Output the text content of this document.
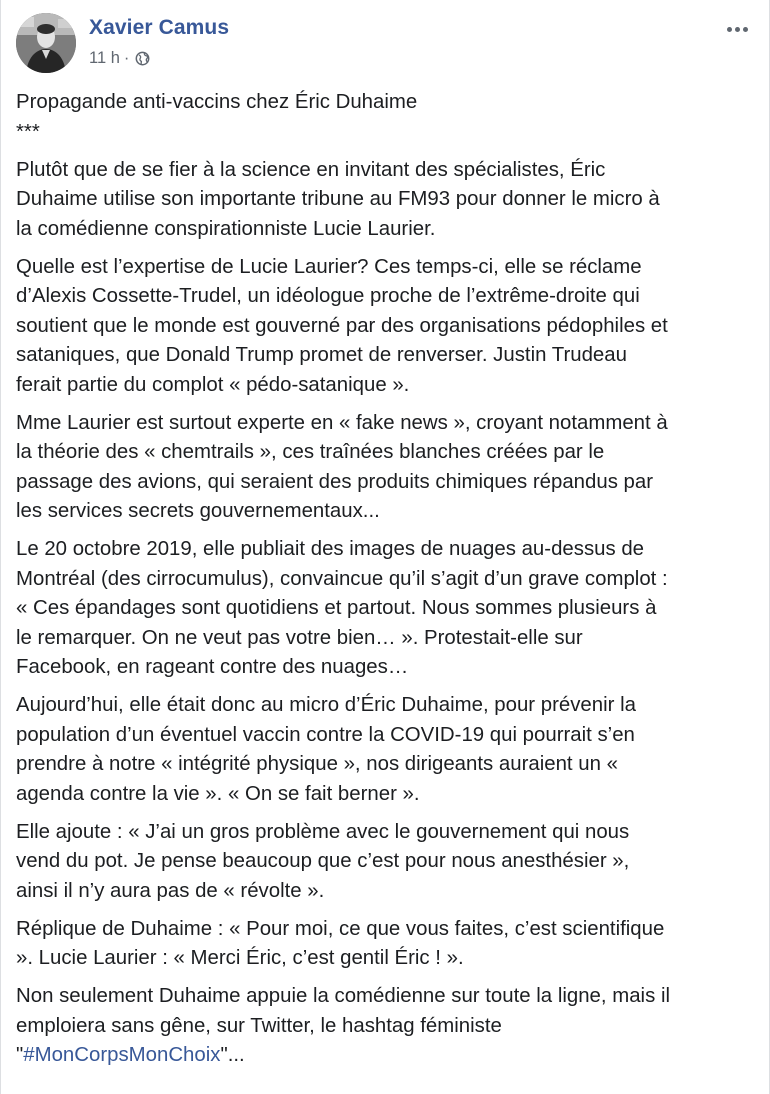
Xavier Camus
11 h ·

Propagande anti-vaccins chez Éric Duhaime

***

Plutôt que de se fier à la science en invitant des spécialistes, Éric
Duhaime utilise son importante tribune au FM93 pour donner le micro à
la comédienne conspirationniste Lucie Laurier.

Quelle est l’expertise de Lucie Laurier? Ces temps-ci, elle se réclame
d’Alexis Cossette-Trudel, un idéologue proche de l’extrême-droite qui
soutient que le monde est gouverné par des organisations pédophiles et
sataniques, que Donald Trump promet de renverser. Justin Trudeau
ferait partie du complot « pédo-satanique ».

Mme Laurier est surtout experte en « fake news », croyant notamment à
la théorie des « chemtrails », ces traînées blanches créées par le
passage des avions, qui seraient des produits chimiques répandus par
les services secrets gouvernementaux...

Le 20 octobre 2019, elle publiait des images de nuages au-dessus de
Montréal (des cirrocumulus), convaincue qu’il s’agit d’un grave complot :
« Ces épandages sont quotidiens et partout. Nous sommes plusieurs à
le remarquer. On ne veut pas votre bien… ». Protestait-elle sur
Facebook, en rageant contre des nuages…

Aujourd’hui, elle était donc au micro d’Éric Duhaime, pour prévenir la
population d’un éventuel vaccin contre la COVID-19 qui pourrait s’en
prendre à notre « intégrité physique », nos dirigeants auraient un «
agenda contre la vie ». « On se fait berner ».

Elle ajoute : « J’ai un gros problème avec le gouvernement qui nous
vend du pot. Je pense beaucoup que c’est pour nous anesthésier »,
ainsi il n’y aura pas de « révolte ».

Réplique de Duhaime : « Pour moi, ce que vous faites, c’est scientifique
». Lucie Laurier : « Merci Éric, c’est gentil Éric ! ».

Non seulement Duhaime appuie la comédienne sur toute la ligne, mais il
emploiera sans gêne, sur Twitter, le hashtag féministe
"#MonCorpsMonChoix"...
